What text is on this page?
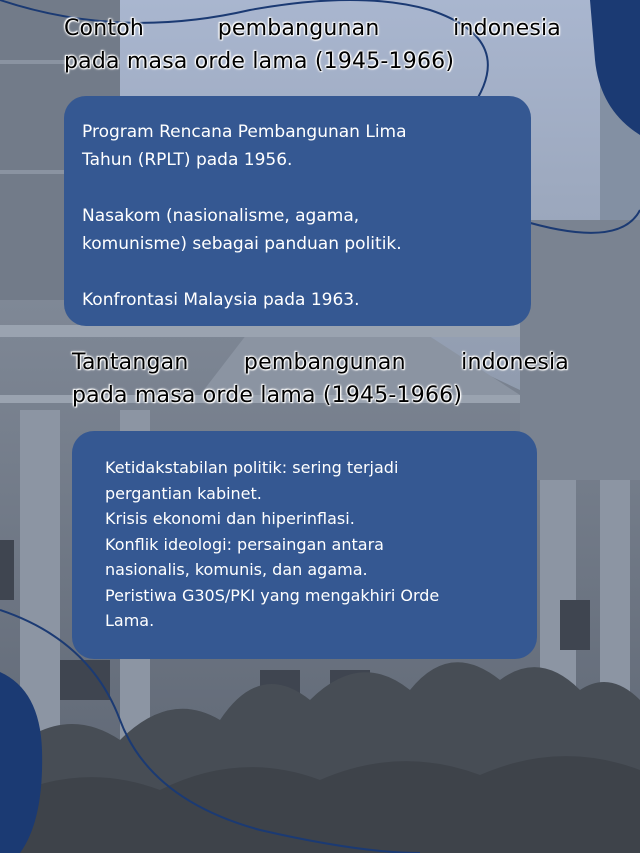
Contoh	pembangunan	indonesia
pada masa orde lama (1945-1966)

Program Rencana Pembangunan Lima Tahun (RPLT) pada 1956.

Nasakom (nasionalisme, agama, komunisme) sebagai panduan politik.

Konfrontasi Malaysia pada 1963.

Tantangan	pembangunan	indonesia
pada masa orde lama (1945-1966)

Ketidakstabilan politik: sering terjadi pergantian kabinet.

Krisis ekonomi dan hiperinflasi.

Konflik ideologi: persaingan antara nasionalis, komunis, dan agama.

Peristiwa G30S/PKI yang mengakhiri Orde Lama.
